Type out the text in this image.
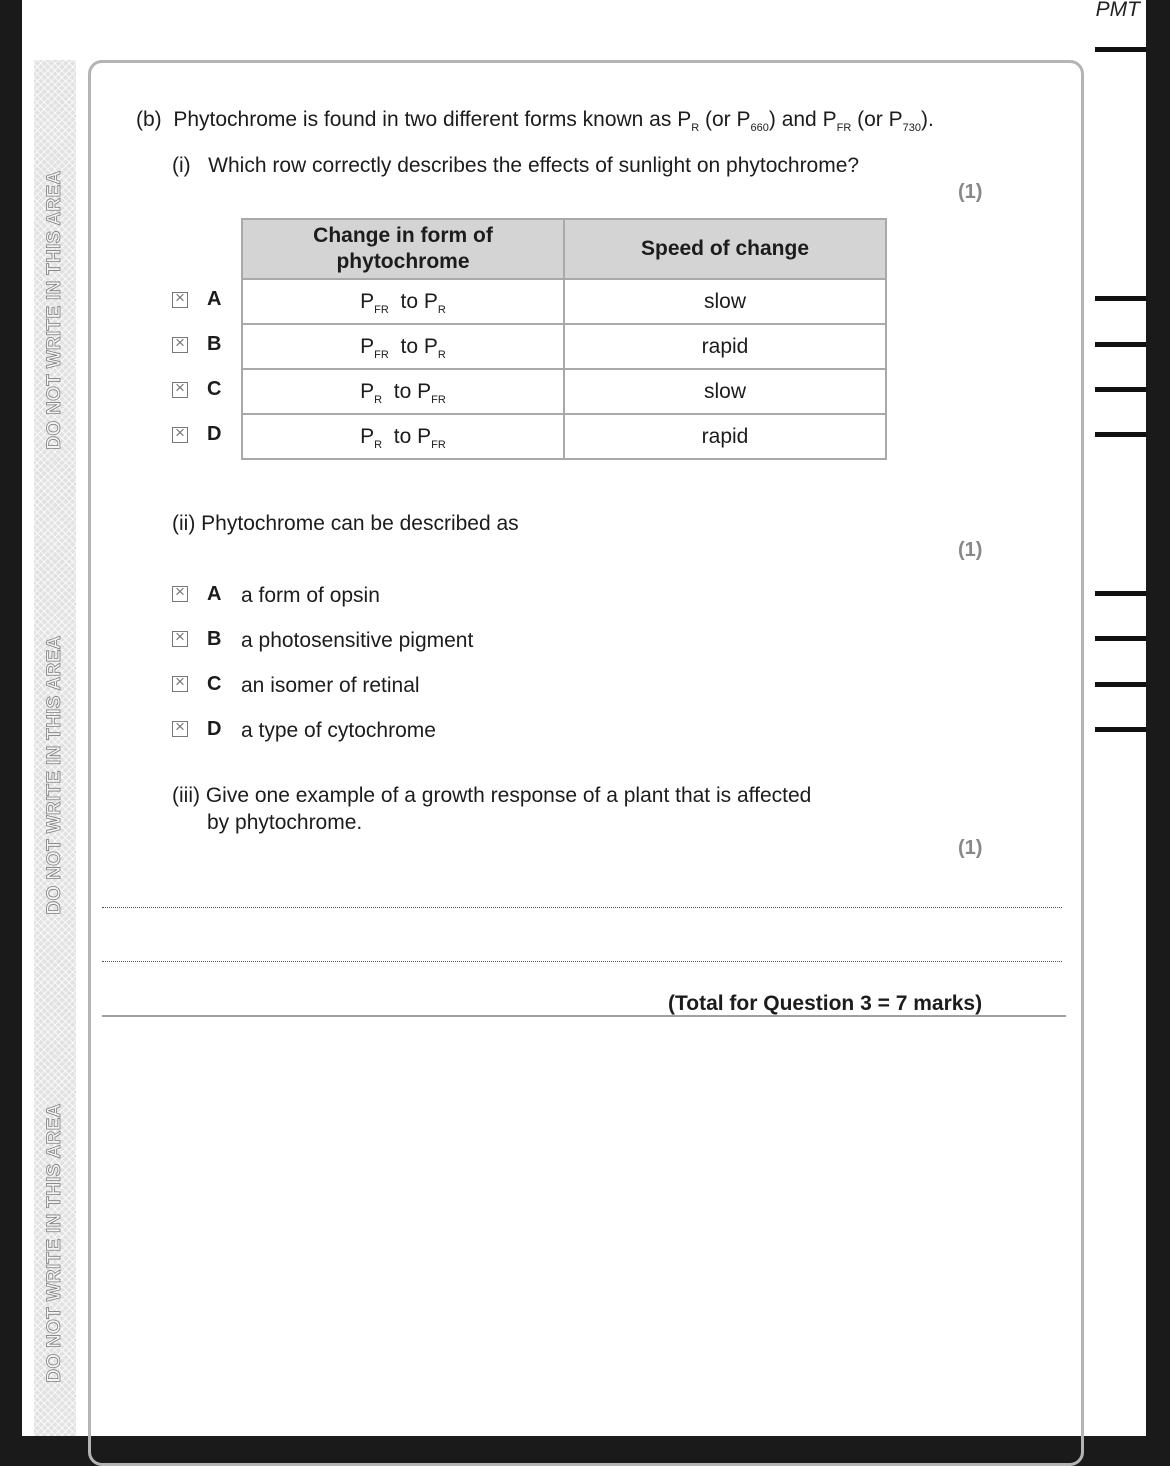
PMT
DO NOT WRITE IN THIS AREA
DO NOT WRITE IN THIS AREA
DO NOT WRITE IN THIS AREA
(b) Phytochrome is found in two different forms known as $P_R$ (or $P_{660}$) and $P_{FR}$ (or $P_{730}$).
(i) Which row correctly describes the effects of sunlight on phytochrome?
(1)
Change in form of phytochrome	Speed of change
$P_{FR}$ to $P_R$	slow
$P_{FR}$ to $P_R$	rapid
$P_R$ to $P_{FR}$	slow
$P_R$ to $P_{FR}$	rapid
× A
× B
× C
× D
(ii) Phytochrome can be described as
(1)
× A a form of opsin
× B a photosensitive pigment
× C an isomer of retinal
× D a type of cytochrome
(iii) Give one example of a growth response of a plant that is affected
by phytochrome.
(1)
(Total for Question 3 = 7 marks)
